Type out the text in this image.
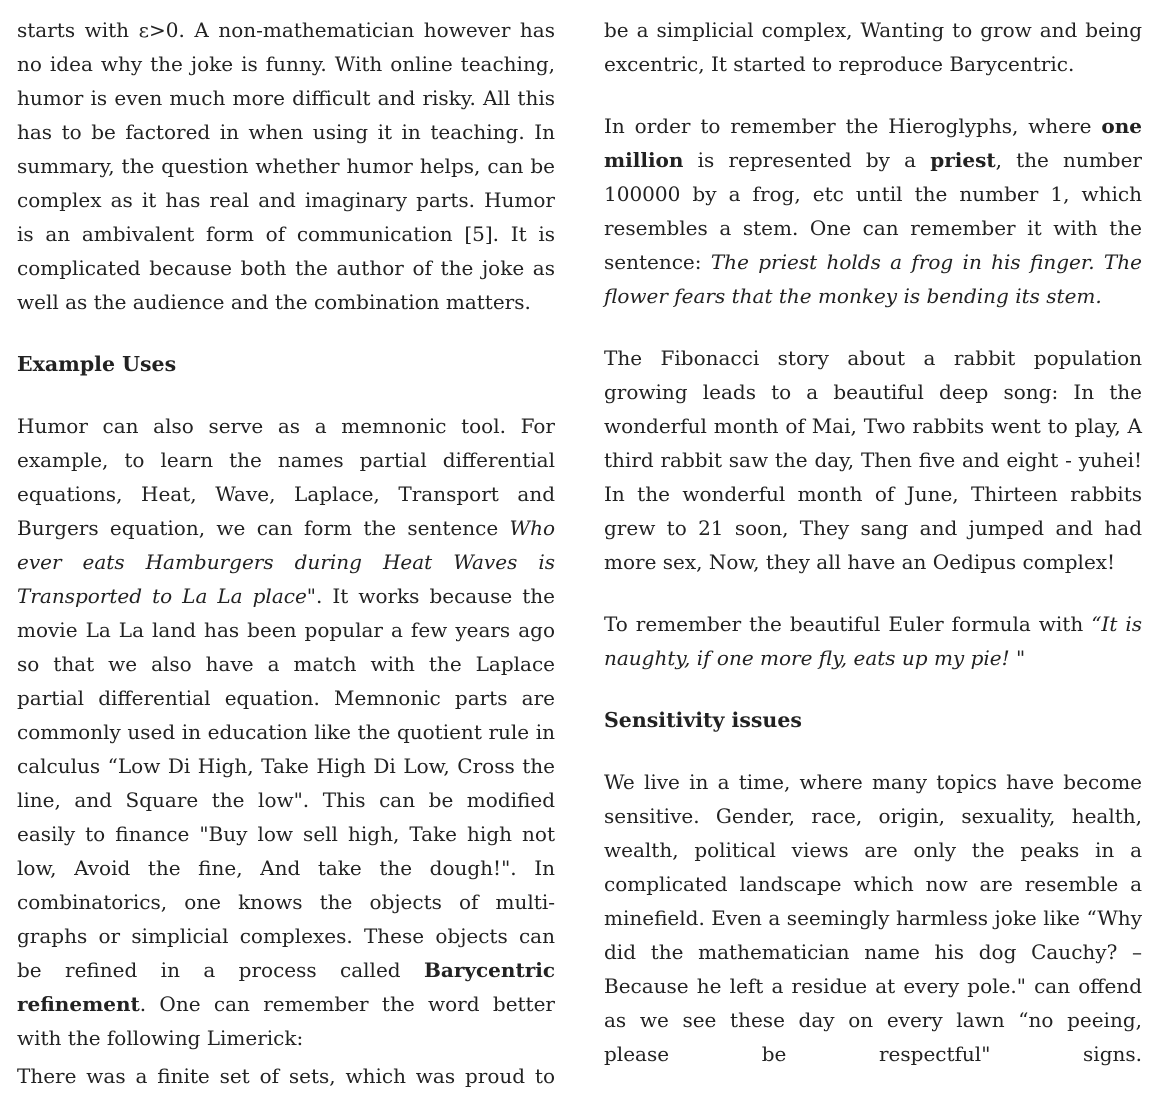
starts with ε>0. A non-mathematician however has no idea why the joke is funny. With online teaching, humor is even much more difficult and risky. All this has to be factored in when using it in teaching. In summary, the question whether humor helps, can be complex as it has real and imaginary parts. Humor is an ambivalent form of communication [5]. It is complicated because both the author of the joke as well as the audience and the combination matters.

Example Uses

Humor can also serve as a memnonic tool. For example, to learn the names partial differential equations, Heat, Wave, Laplace, Transport and Burgers equation, we can form the sentence Who ever eats Hamburgers during Heat Waves is Transported to La La place". It works because the movie La La land has been popular a few years ago so that we also have a match with the Laplace partial differential equation. Memnonic parts are commonly used in education like the quotient rule in calculus “Low Di High, Take High Di Low, Cross the line, and Square the low". This can be modified easily to finance "Buy low sell high, Take high not low, Avoid the fine, And take the dough!". In combinatorics, one knows the objects of multi-graphs or simplicial complexes. These objects can be refined in a process called Barycentric refinement. One can remember the word better with the following Limerick:

There was a finite set of sets, which was proud to

be a simplicial complex, Wanting to grow and being excentric, It started to reproduce Barycentric.

In order to remember the Hieroglyphs, where one million is represented by a priest, the number 100000 by a frog, etc until the number 1, which resembles a stem. One can remember it with the sentence: The priest holds a frog in his finger. The flower fears that the monkey is bending its stem.

The Fibonacci story about a rabbit population growing leads to a beautiful deep song: In the wonderful month of Mai, Two rabbits went to play, A third rabbit saw the day, Then five and eight - yuhei! In the wonderful month of June, Thirteen rabbits grew to 21 soon, They sang and jumped and had more sex, Now, they all have an Oedipus complex!

To remember the beautiful Euler formula with “It is naughty, if one more fly, eats up my pie! "

Sensitivity issues

We live in a time, where many topics have become sensitive. Gender, race, origin, sexuality, health, wealth, political views are only the peaks in a complicated landscape which now are resemble a minefield. Even a seemingly harmless joke like “Why did the mathematician name his dog Cauchy? – Because he left a residue at every pole." can offend as we see these day on every lawn “no peeing, please be respectful" signs.
